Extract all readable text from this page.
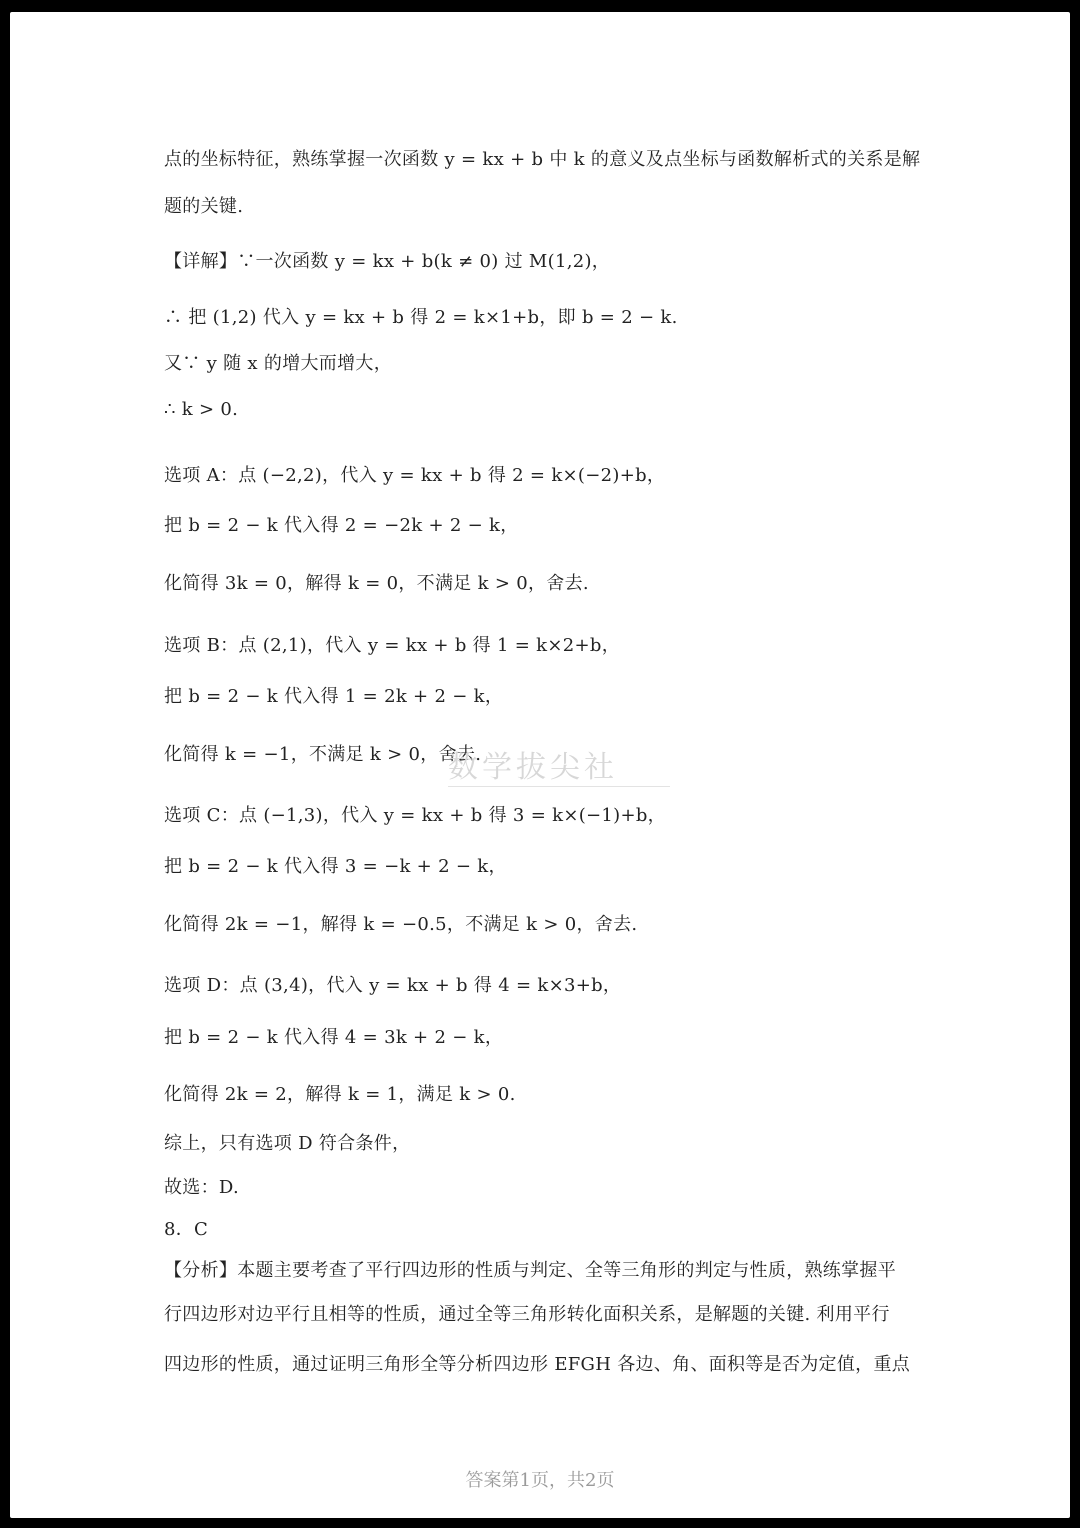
点的坐标特征，熟练掌握一次函数 y = kx + b 中 k 的意义及点坐标与函数解析式的关系是解
题的关键.
【详解】∵一次函数 y = kx + b(k ≠ 0) 过 M(1,2)，
∴ 把 (1,2) 代入 y = kx + b 得 2 = k×1+b，即 b = 2 − k.
又∵ y 随 x 的增大而增大，
∴ k > 0.
选项 A：点 (−2,2)，代入 y = kx + b 得 2 = k×(−2)+b，
把 b = 2 − k 代入得 2 = −2k + 2 − k，
化简得 3k = 0，解得 k = 0，不满足 k > 0，舍去.
选项 B：点 (2,1)，代入 y = kx + b 得 1 = k×2+b，
把 b = 2 − k 代入得 1 = 2k + 2 − k，
化简得 k = −1，不满足 k > 0，舍去.
选项 C：点 (−1,3)，代入 y = kx + b 得 3 = k×(−1)+b，
把 b = 2 − k 代入得 3 = −k + 2 − k，
化简得 2k = −1，解得 k = −0.5，不满足 k > 0，舍去.
选项 D：点 (3,4)，代入 y = kx + b 得 4 = k×3+b，
把 b = 2 − k 代入得 4 = 3k + 2 − k，
化简得 2k = 2，解得 k = 1，满足 k > 0.
综上，只有选项 D 符合条件，
故选：D.
8．C
【分析】本题主要考查了平行四边形的性质与判定、全等三角形的判定与性质，熟练掌握平
行四边形对边平行且相等的性质，通过全等三角形转化面积关系，是解题的关键. 利用平行
四边形的性质，通过证明三角形全等分析四边形 EFGH 各边、角、面积等是否为定值，重点
数学拔尖社
答案第1页，共2页
